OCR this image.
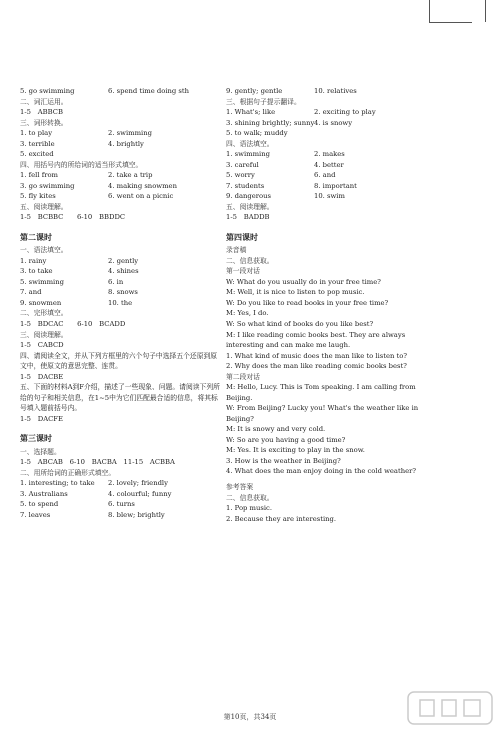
5. go swimming	6. spend time doing sth
二、词汇运用。
1-5　ABBCB
三、词形转换。
1. to play	2. swimming
3. terrible	4. brightly
5. excited
四、用括号内的所给词的适当形式填空。
1. fell from	2. take a trip
3. go swimming	4. making snowmen
5. fly kites	6. went on a picnic
五、阅读理解。
1-5　BCBBC　　6-10　BBDDC
第二课时
一、语法填空。
1. rainy	2. gently
3. to take	4. shines
5. swimming	6. in
7. and	8. snows
9. snowmen	10. the
二、完形填空。
1-5　BDCAC　　6-10　BCADD
三、阅读理解。
1-5　CABCD
四、请阅读全文，并从下列方框里的六个句子中选择五个还原到原文中，使原文的意思完整、连贯。
1-5　DACBE
五、下面的材料A到F介绍，描述了一些现象、问题。请阅读下列所给的句子和相关信息，在1~5中为它们匹配最合适的信息，将其标号填入题前括号内。
1-5　DACFE
第三课时
一、选择题。
1-5　ABCAB　6-10　BACBA　11-15　ACBBA
二、用所给词的正确形式填空。
1. interesting; to take	2. lovely; friendly
3. Australians	4. colourful; funny
5. to spend	6. turns
7. leaves	8. blew; brightly
9. gently; gentle	10. relatives
三、根据句子提示翻译。
1. What's; like	2. exciting to play
3. shining brightly; sunny 4. is snowy
5. to walk; muddy
四、语法填空。
1. swimming	2. makes
3. careful	4. better
5. worry	6. and
7. students	8. important
9. dangerous	10. swim
五、阅读理解。
1-5　BADDB
第四课时
录音稿
二、信息获取。
第一段对话
W: What do you usually do in your free time?
M: Well, it is nice to listen to pop music.
W: Do you like to read books in your free time?
M: Yes, I do.
W: So what kind of books do you like best?
M: I like reading comic books best. They are always interesting and can make me laugh.
1. What kind of music does the man like to listen to?
2. Why does the man like reading comic books best?
第二段对话
M: Hello, Lucy. This is Tom speaking. I am calling from Beijing.
W: From Beijing? Lucky you! What's the weather like in Beijing?
M: It is snowy and very cold.
W: So are you having a good time?
M: Yes. It is exciting to play in the snow.
3. How is the weather in Beijing?
4. What does the man enjoy doing in the cold weather?
参考答案
二、信息获取。
1. Pop music.
2. Because they are interesting.
第10页，共34页
